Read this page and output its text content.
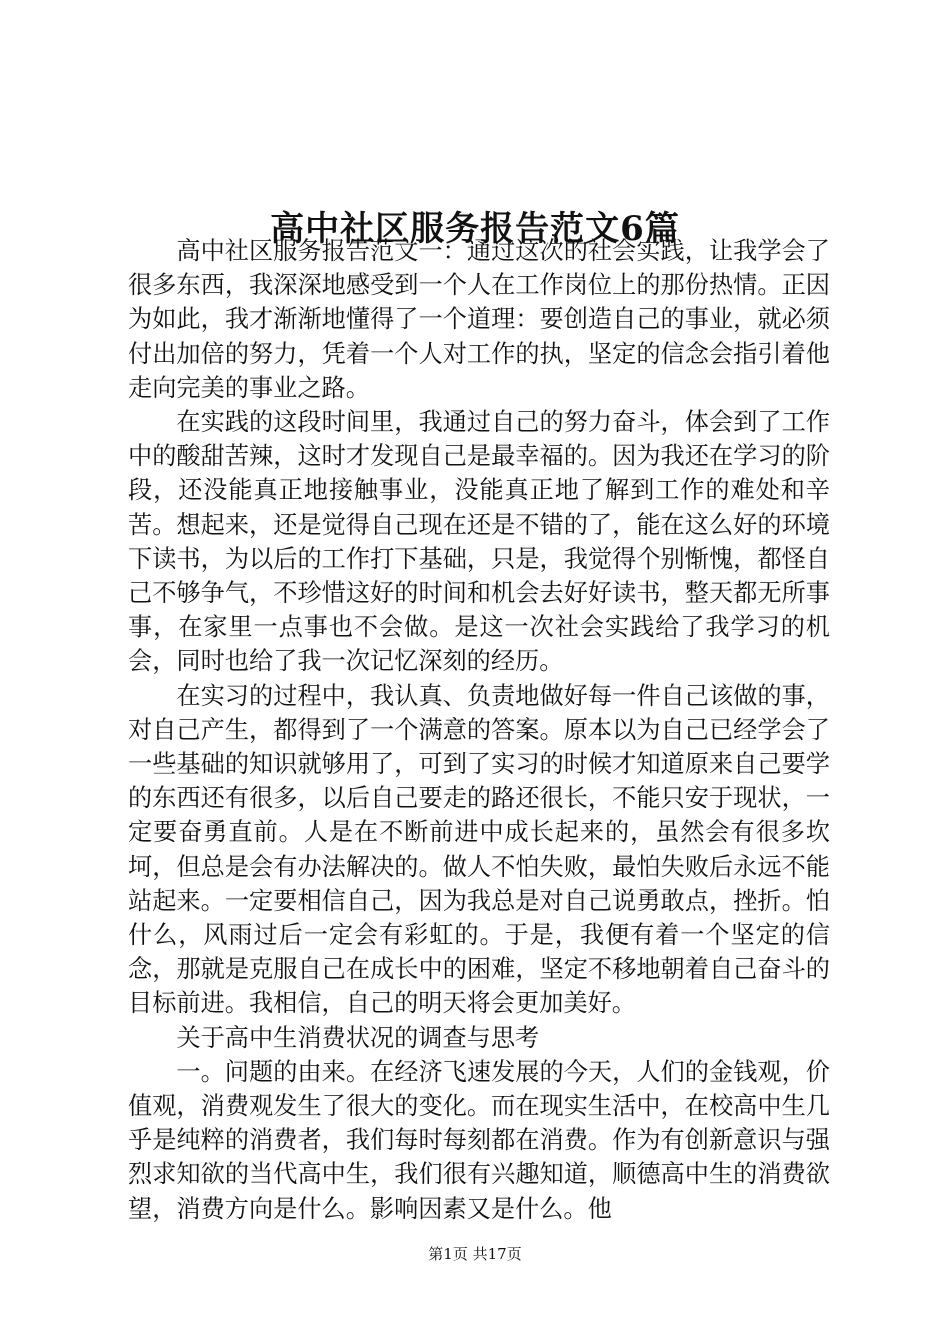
高中社区服务报告范文6篇

高中社区服务报告范文一：通过这次的社会实践，让我学会了很多东西，我深深地感受到一个人在工作岗位上的那份热情。正因为如此，我才渐渐地懂得了一个道理：要创造自己的事业，就必须付出加倍的努力，凭着一个人对工作的执，坚定的信念会指引着他走向完美的事业之路。

在实践的这段时间里，我通过自己的努力奋斗，体会到了工作中的酸甜苦辣，这时才发现自己是最幸福的。因为我还在学习的阶段，还没能真正地接触事业，没能真正地了解到工作的难处和辛苦。想起来，还是觉得自己现在还是不错的了，能在这么好的环境下读书，为以后的工作打下基础，只是，我觉得个别惭愧，都怪自己不够争气，不珍惜这好的时间和机会去好好读书，整天都无所事事，在家里一点事也不会做。是这一次社会实践给了我学习的机会，同时也给了我一次记忆深刻的经历。

在实习的过程中，我认真、负责地做好每一件自己该做的事，对自己产生，都得到了一个满意的答案。原本以为自己已经学会了一些基础的知识就够用了，可到了实习的时候才知道原来自己要学的东西还有很多，以后自己要走的路还很长，不能只安于现状，一定要奋勇直前。人是在不断前进中成长起来的，虽然会有很多坎坷，但总是会有办法解决的。做人不怕失败，最怕失败后永远不能站起来。一定要相信自己，因为我总是对自己说勇敢点，挫折。怕什么，风雨过后一定会有彩虹的。于是，我便有着一个坚定的信念，那就是克服自己在成长中的困难，坚定不移地朝着自己奋斗的目标前进。我相信，自己的明天将会更加美好。

关于高中生消费状况的调查与思考

一。问题的由来。在经济飞速发展的今天，人们的金钱观，价值观，消费观发生了很大的变化。而在现实生活中，在校高中生几乎是纯粹的消费者，我们每时每刻都在消费。作为有创新意识与强烈求知欲的当代高中生，我们很有兴趣知道，顺德高中生的消费欲望，消费方向是什么。影响因素又是什么。他

第1页 共17页
